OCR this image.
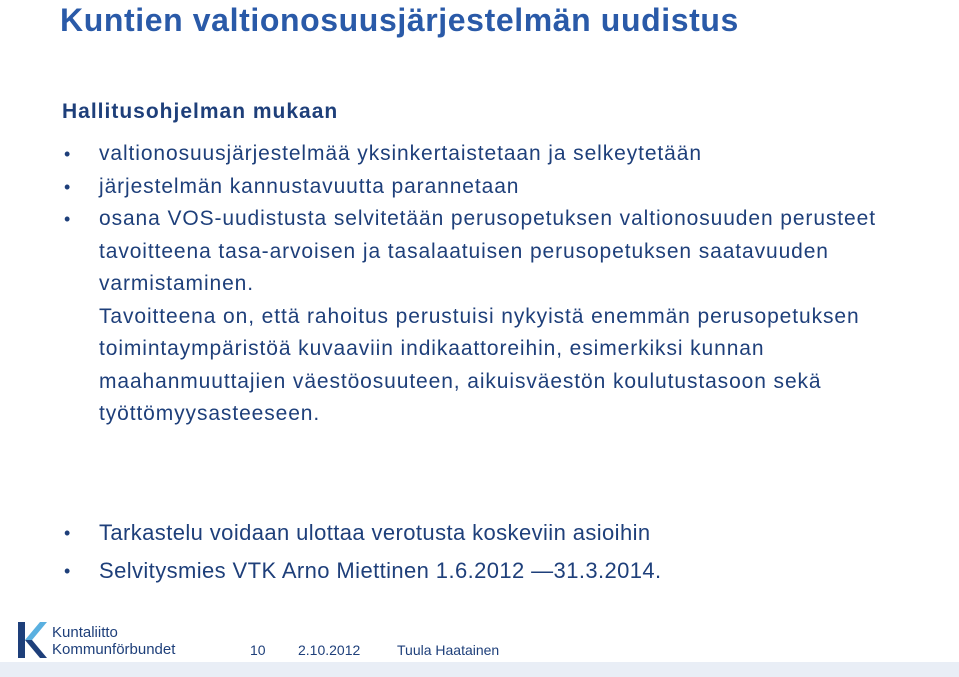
Kuntien valtionosuusjärjestelmän uudistus
Hallitusohjelman mukaan
• valtionosuusjärjestelmää yksinkertaistetaan ja selkeytetään
• järjestelmän kannustavuutta parannetaan
• osana VOS-uudistusta selvitetään perusopetuksen valtionosuuden perusteet tavoitteena tasa-arvoisen ja tasalaatuisen perusopetuksen saatavuuden varmistaminen.
Tavoitteena on, että rahoitus perustuisi nykyistä enemmän perusopetuksen toimintaympäristöä kuvaaviin indikaattoreihin, esimerkiksi kunnan maahanmuuttajien väestöosuuteen, aikuisväestön koulutustasoon sekä työttömyysasteeseen.
• Tarkastelu voidaan ulottaa verotusta koskeviin asioihin
• Selvitysmies VTK Arno Miettinen 1.6.2012 —31.3.2014.
Kuntaliitto
Kommunförbundet	10 2.10.2012	Tuula Haatainen
